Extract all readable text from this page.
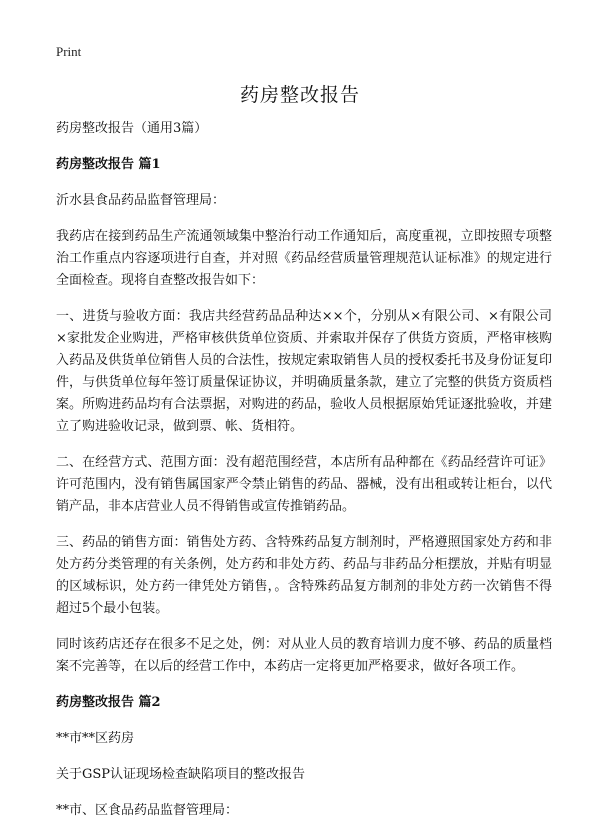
Print
药房整改报告

药房整改报告（通用3篇）

药房整改报告 篇1

沂水县食品药品监督管理局：

我药店在接到药品生产流通领域集中整治行动工作通知后，高度重视，立即按照专项整治工作重点内容逐项进行自查，并对照《药品经营质量管理规范认证标准》的规定进行全面检查。现将自查整改报告如下：

一、进货与验收方面：我店共经营药品品种达××个，分别从×有限公司、×有限公司×家批发企业购进，严格审核供货单位资质、并索取并保存了供货方资质，严格审核购入药品及供货单位销售人员的合法性，按规定索取销售人员的授权委托书及身份证复印件，与供货单位每年签订质量保证协议，并明确质量条款，建立了完整的供货方资质档案。所购进药品均有合法票据，对购进的药品，验收人员根据原始凭证逐批验收，并建立了购进验收记录，做到票、帐、货相符。

二、在经营方式、范围方面：没有超范围经营，本店所有品种都在《药品经营许可证》许可范围内，没有销售属国家严令禁止销售的药品、器械，没有出租或转让柜台，以代销产品，非本店营业人员不得销售或宣传推销药品。

三、药品的销售方面：销售处方药、含特殊药品复方制剂时，严格遵照国家处方药和非处方药分类管理的有关条例，处方药和非处方药、药品与非药品分柜摆放，并贴有明显的区域标识，处方药一律凭处方销售，。含特殊药品复方制剂的非处方药一次销售不得超过5个最小包装。

同时该药店还存在很多不足之处，例：对从业人员的教育培训力度不够、药品的质量档案不完善等，在以后的经营工作中，本药店一定将更加严格要求，做好各项工作。

药房整改报告 篇2

**市**区药房

关于GSP认证现场检查缺陷项目的整改报告

**市、区食品药品监督管理局：
